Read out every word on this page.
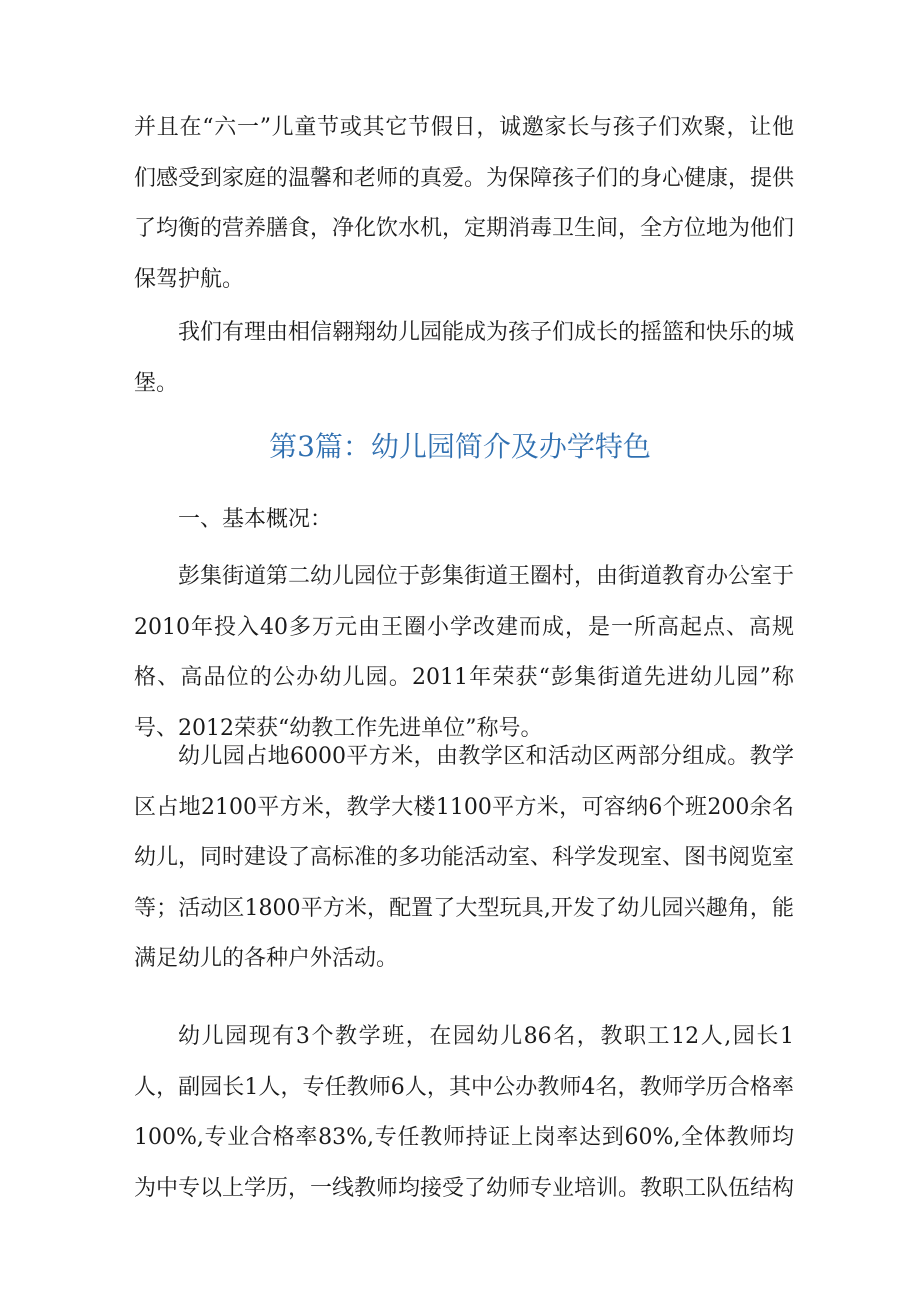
并且在“六一”儿童节或其它节假日，诚邀家长与孩子们欢聚，让他们感受到家庭的温馨和老师的真爱。为保障孩子们的身心健康，提供了均衡的营养膳食，净化饮水机，定期消毒卫生间，全方位地为他们保驾护航。

我们有理由相信翱翔幼儿园能成为孩子们成长的摇篮和快乐的城堡。

第3篇：幼儿园简介及办学特色

一、基本概况：

彭集街道第二幼儿园位于彭集街道王圈村，由街道教育办公室于2010年投入40多万元由王圈小学改建而成，是一所高起点、高规格、高品位的公办幼儿园。2011年荣获“彭集街道先进幼儿园”称号、2012荣获“幼教工作先进单位”称号。

幼儿园占地6000平方米，由教学区和活动区两部分组成。教学区占地2100平方米，教学大楼1100平方米，可容纳6个班200余名幼儿，同时建设了高标准的多功能活动室、科学发现室、图书阅览室等；活动区1800平方米，配置了大型玩具,开发了幼儿园兴趣角，能满足幼儿的各种户外活动。

幼儿园现有3个教学班，在园幼儿86名，教职工12人,园长1人，副园长1人，专任教师6人，其中公办教师4名，教师学历合格率100%,专业合格率83%,专任教师持证上岗率达到60%,全体教师均为中专以上学历，一线教师均接受了幼师专业培训。教职工队伍结构
